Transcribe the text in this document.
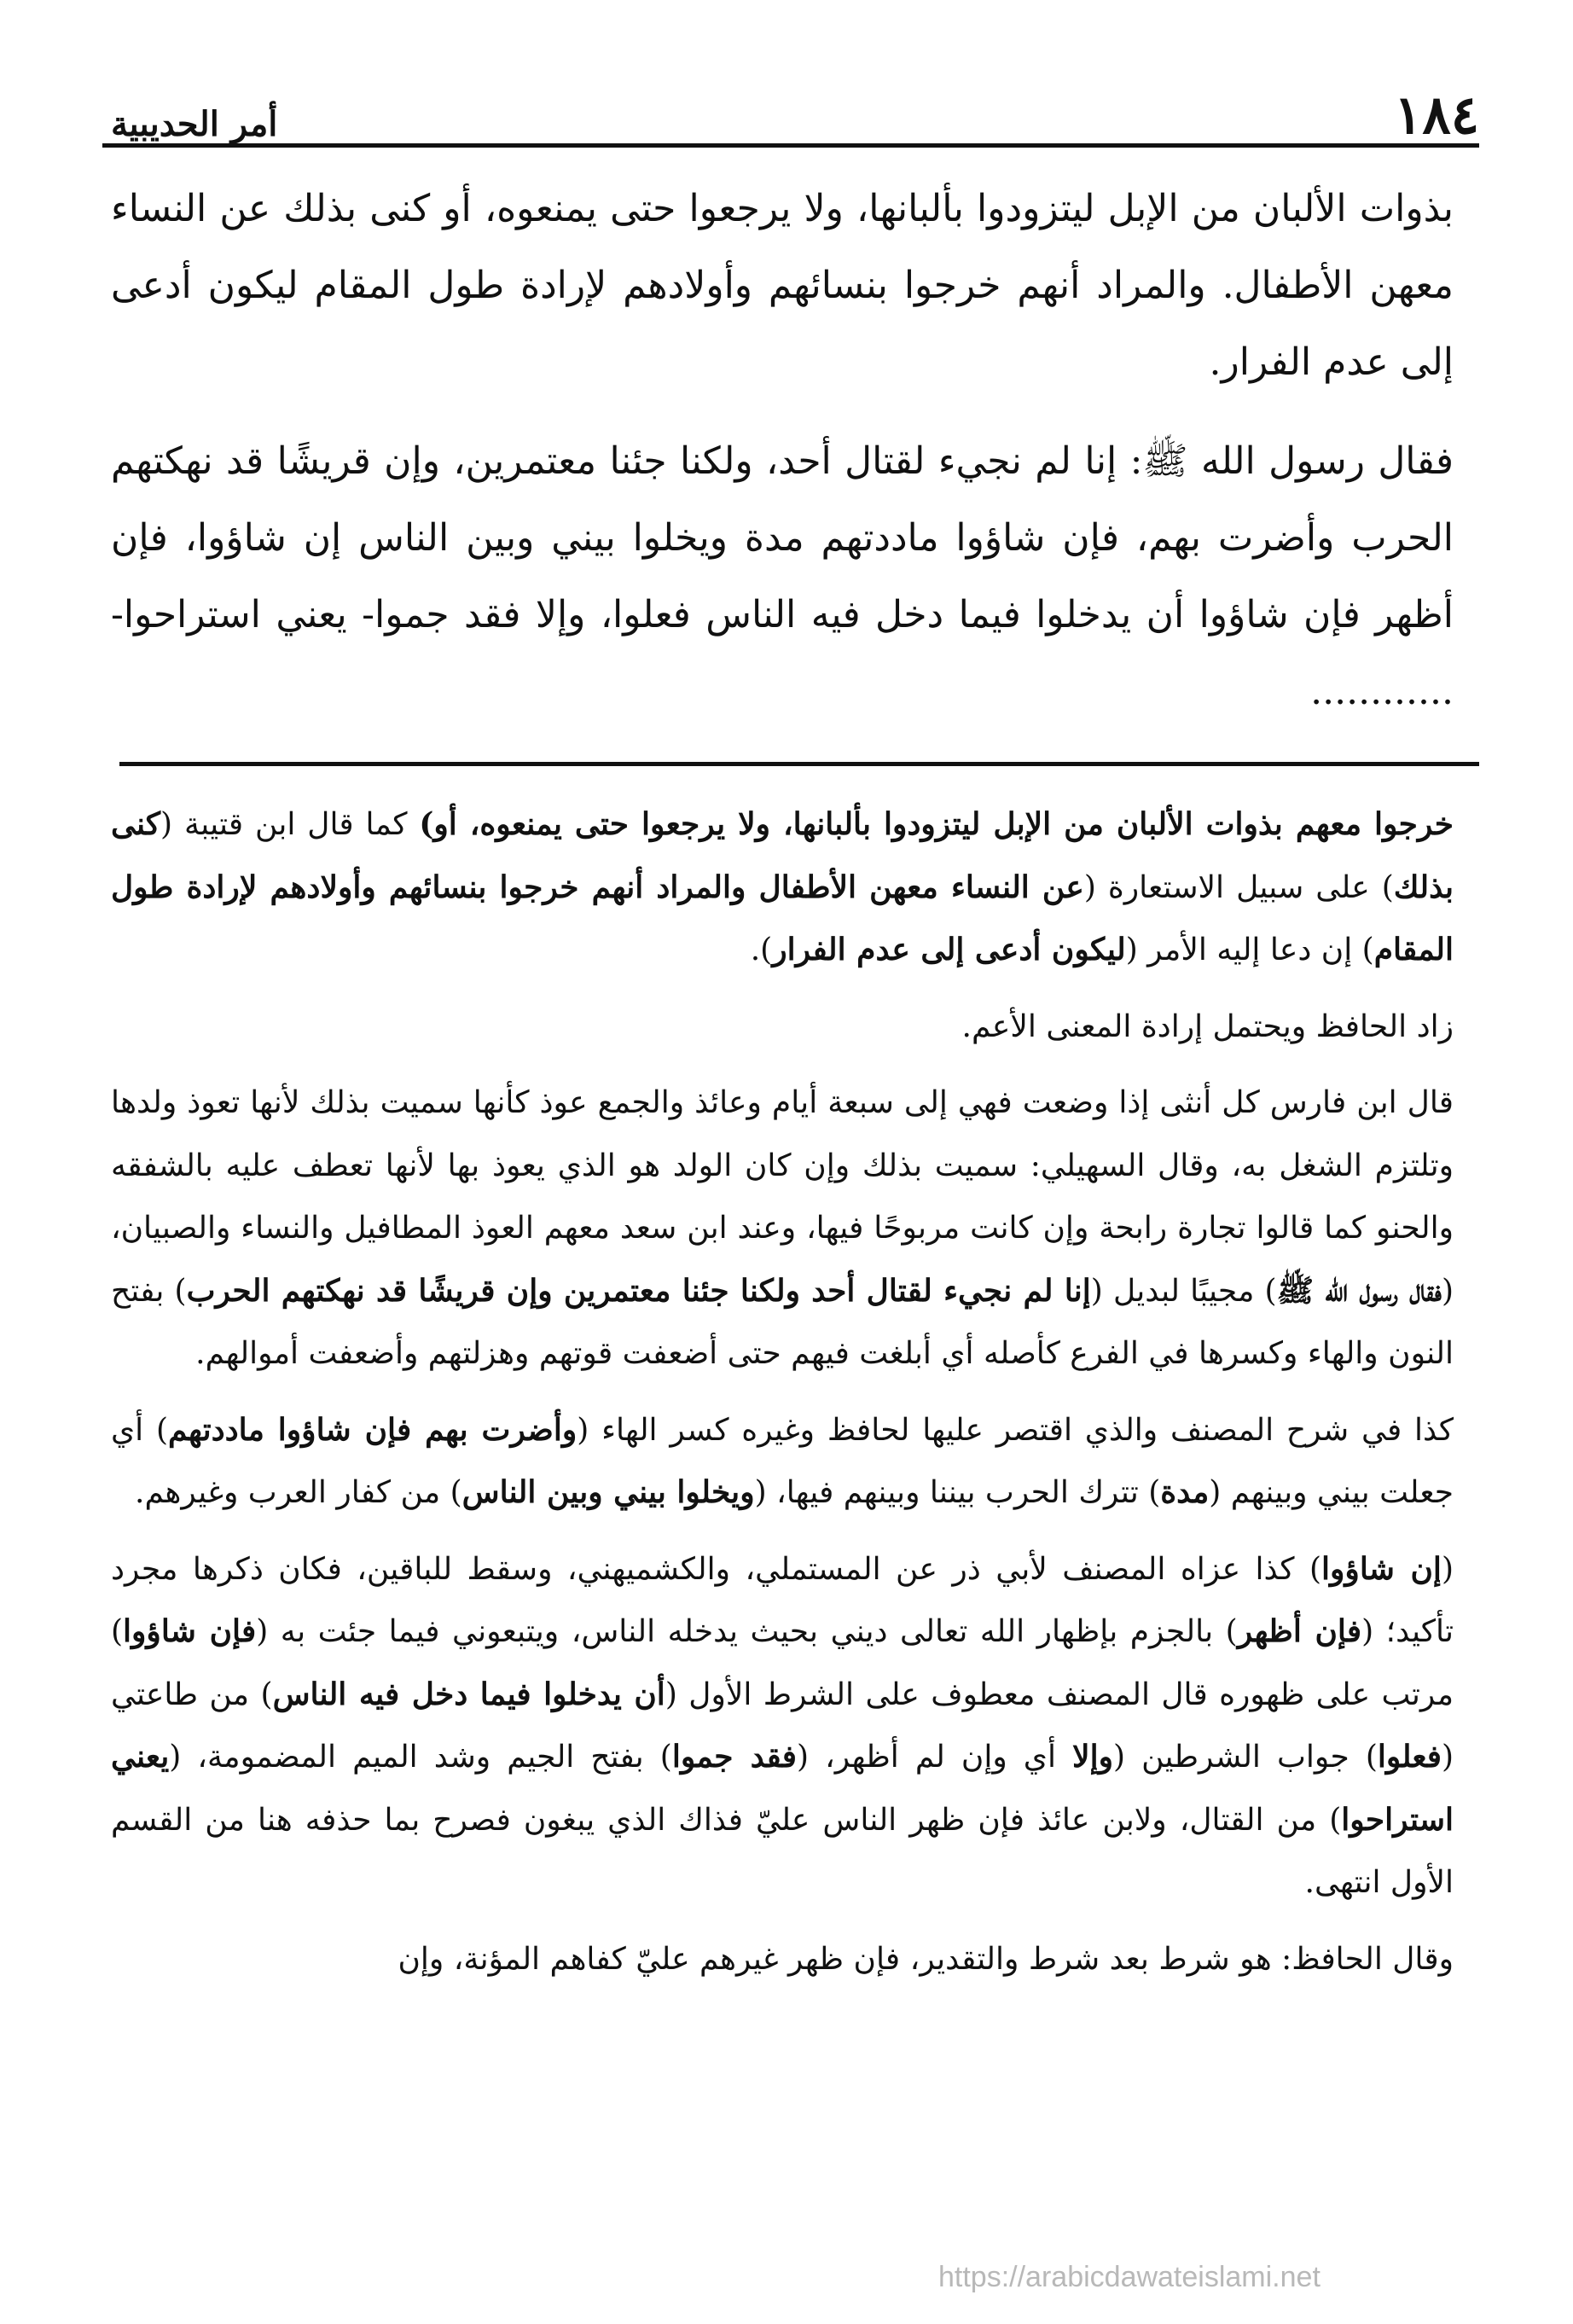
١٨٤
أمر الحديبية

بذوات الألبان من الإبل ليتزودوا بألبانها، ولا يرجعوا حتى يمنعوه، أو كنى بذلك عن النساء معهن الأطفال. والمراد أنهم خرجوا بنسائهم وأولادهم لإرادة طول المقام ليكون أدعى إلى عدم الفرار.

فقال رسول الله ﷺ: إنا لم نجيء لقتال أحد، ولكنا جئنا معتمرين، وإن قريشًا قد نهكتهم الحرب وأضرت بهم، فإن شاؤوا ماددتهم مدة ويخلوا بيني وبين الناس إن شاؤوا، فإن أظهر فإن شاؤوا أن يدخلوا فيما دخل فيه الناس فعلوا، وإلا فقد جموا- يعني استراحوا- ............

خرجوا معهم بذوات الألبان من الإبل ليتزودوا بألبانها، ولا يرجعوا حتى يمنعوه، أو) كما قال ابن قتيبة (كنى بذلك) على سبيل الاستعارة (عن النساء معهن الأطفال والمراد أنهم خرجوا بنسائهم وأولادهم لإرادة طول المقام) إن دعا إليه الأمر (ليكون أدعى إلى عدم الفرار).

زاد الحافظ ويحتمل إرادة المعنى الأعم.

قال ابن فارس كل أنثى إذا وضعت فهي إلى سبعة أيام وعائذ والجمع عوذ كأنها سميت بذلك لأنها تعوذ ولدها وتلتزم الشغل به، وقال السهيلي: سميت بذلك وإن كان الولد هو الذي يعوذ بها لأنها تعطف عليه بالشفقه والحنو كما قالوا تجارة رابحة وإن كانت مربوحًا فيها، وعند ابن سعد معهم العوذ المطافيل والنساء والصبيان، (فقال رسول الله ﷺ) مجيبًا لبديل (إنا لم نجيء لقتال أحد ولكنا جئنا معتمرين وإن قريشًا قد نهكتهم الحرب) بفتح النون والهاء وكسرها في الفرع كأصله أي أبلغت فيهم حتى أضعفت قوتهم وهزلتهم وأضعفت أموالهم.

كذا في شرح المصنف والذي اقتصر عليها لحافظ وغيره كسر الهاء (وأضرت بهم فإن شاؤوا ماددتهم) أي جعلت بيني وبينهم (مدة) تترك الحرب بيننا وبينهم فيها، (ويخلوا بيني وبين الناس) من كفار العرب وغيرهم.

(إن شاؤوا) كذا عزاه المصنف لأبي ذر عن المستملي، والكشميهني، وسقط للباقين، فكان ذكرها مجرد تأكيد؛ (فإن أظهر) بالجزم بإظهار الله تعالى ديني بحيث يدخله الناس، ويتبعوني فيما جئت به (فإن شاؤوا) مرتب على ظهوره قال المصنف معطوف على الشرط الأول (أن يدخلوا فيما دخل فيه الناس) من طاعتي (فعلوا) جواب الشرطين (وإلا أي وإن لم أظهر، (فقد جموا) بفتح الجيم وشد الميم المضمومة، (يعني استراحوا) من القتال، ولابن عائذ فإن ظهر الناس عليّ فذاك الذي يبغون فصرح بما حذفه هنا من القسم الأول انتهى.

وقال الحافظ: هو شرط بعد شرط والتقدير، فإن ظهر غيرهم عليّ كفاهم المؤنة، وإن

https://arabicdawateislami.net
